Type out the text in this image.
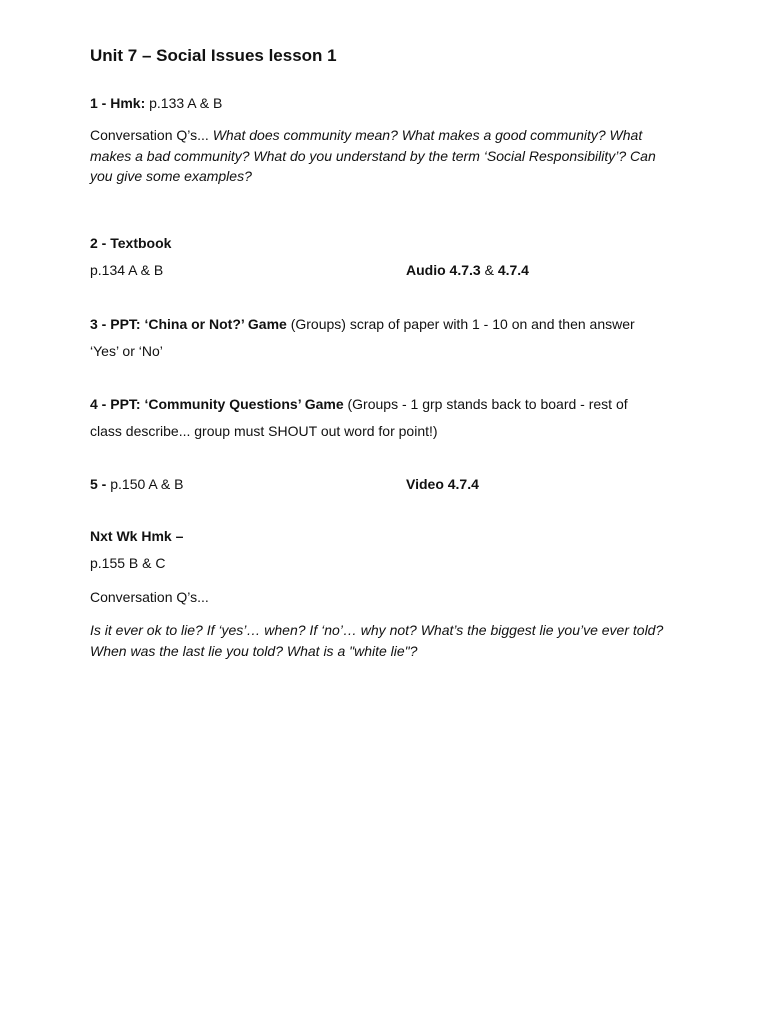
Unit 7 – Social Issues lesson 1
1 - Hmk: p.133 A & B
Conversation Q’s... What does community mean? What makes a good community? What makes a bad community? What do you understand by the term ‘Social Responsibility’? Can you give some examples?
2 - Textbook
p.134 A & B	Audio 4.7.3 & 4.7.4
3 - PPT: ‘China or Not?’ Game (Groups) scrap of paper with 1 - 10 on and then answer
‘Yes’ or ‘No’
4 - PPT: ‘Community Questions’ Game (Groups - 1 grp stands back to board - rest of
class describe... group must SHOUT out word for point!)
5 - p.150 A & B	Video 4.7.4
Nxt Wk Hmk –
p.155 B & C
Conversation Q’s...
Is it ever ok to lie? If ‘yes’… when? If ‘no’… why not? What’s the biggest lie you’ve ever told? When was the last lie you told? What is a "white lie"?
